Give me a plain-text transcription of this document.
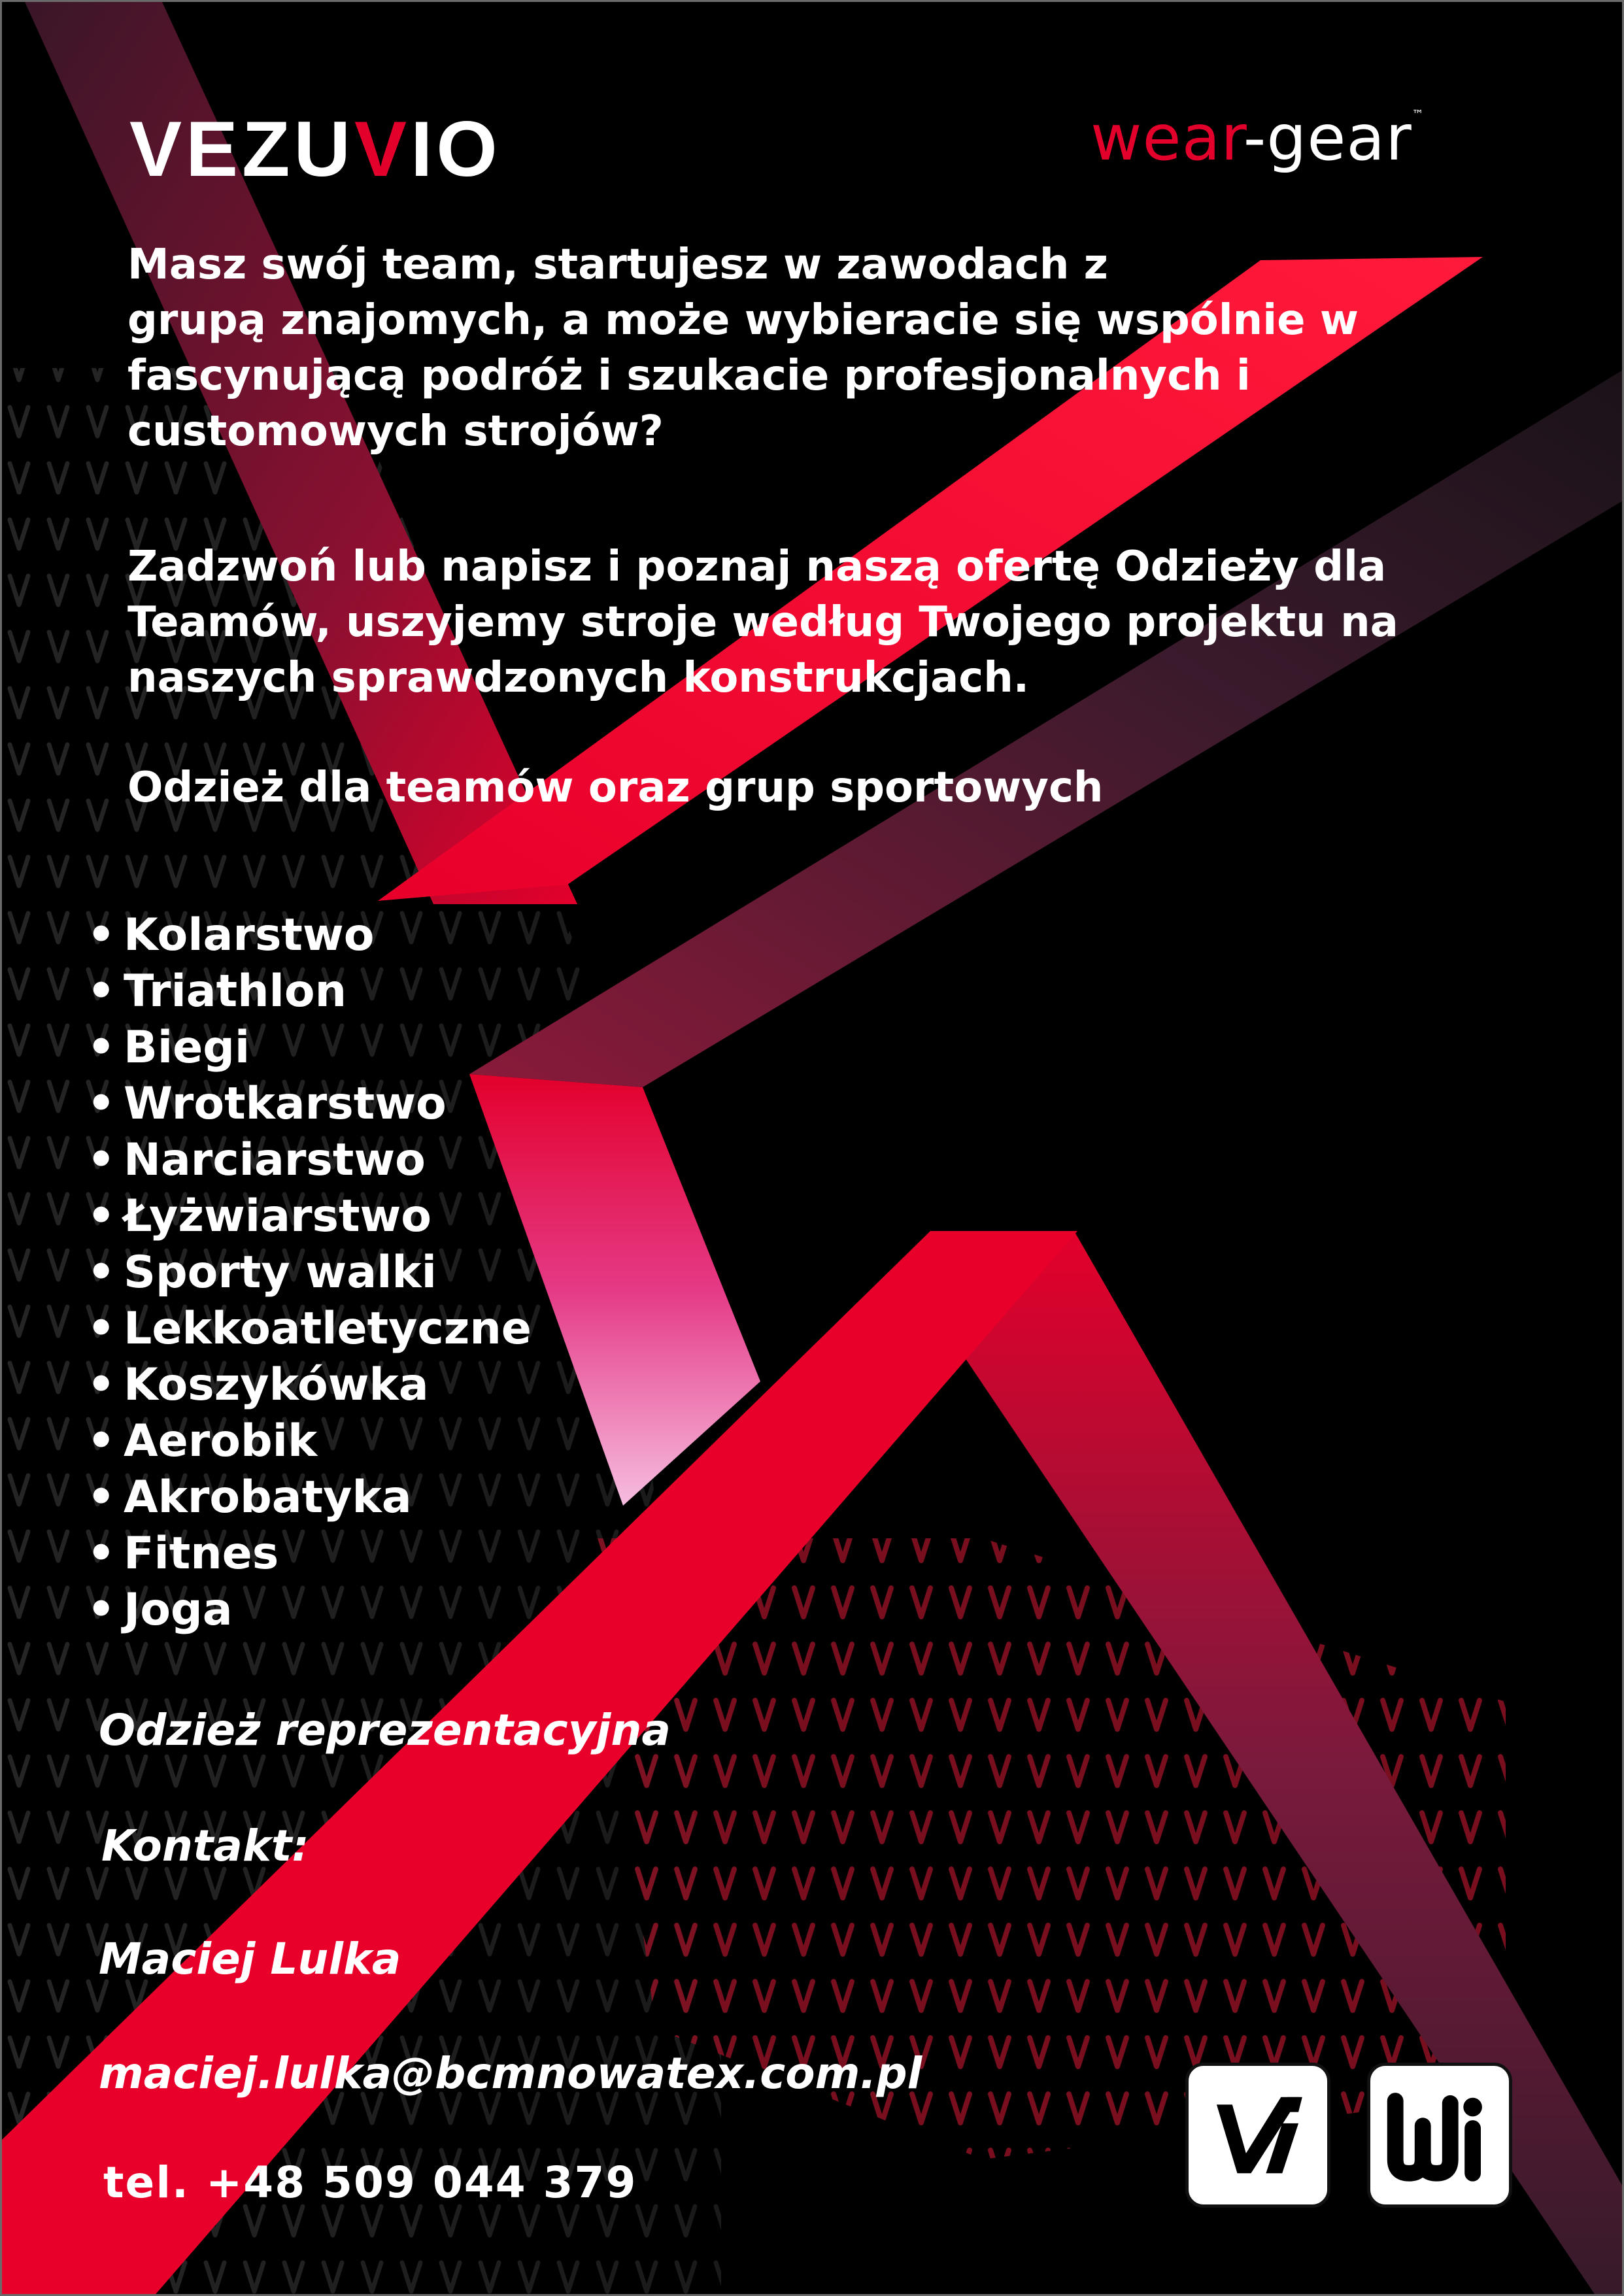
VEZUVIO	wear-gear™
Masz swój team, startujesz w zawodach z
grupą znajomych, a może wybieracie się wspólnie w
fascynującą podróż i szukacie profesjonalnych i
customowych strojów?
Zadzwoń lub napisz i poznaj naszą ofertę Odzieży dla
Teamów, uszyjemy stroje według Twojego projektu na
naszych sprawdzonych konstrukcjach.
Odzież dla teamów oraz grup sportowych
• Kolarstwo
• Triathlon
• Biegi
• Wrotkarstwo
• Narciarstwo
• Łyżwiarstwo
• Sporty walki
• Lekkoatletyczne
• Koszykówka
• Aerobik
• Akrobatyka
• Fitnes
• Joga
Odzież reprezentacyjna
Kontakt:
Maciej Lulka
maciej.lulka@bcmnowatex.com.pl
tel. +48 509 044 379
